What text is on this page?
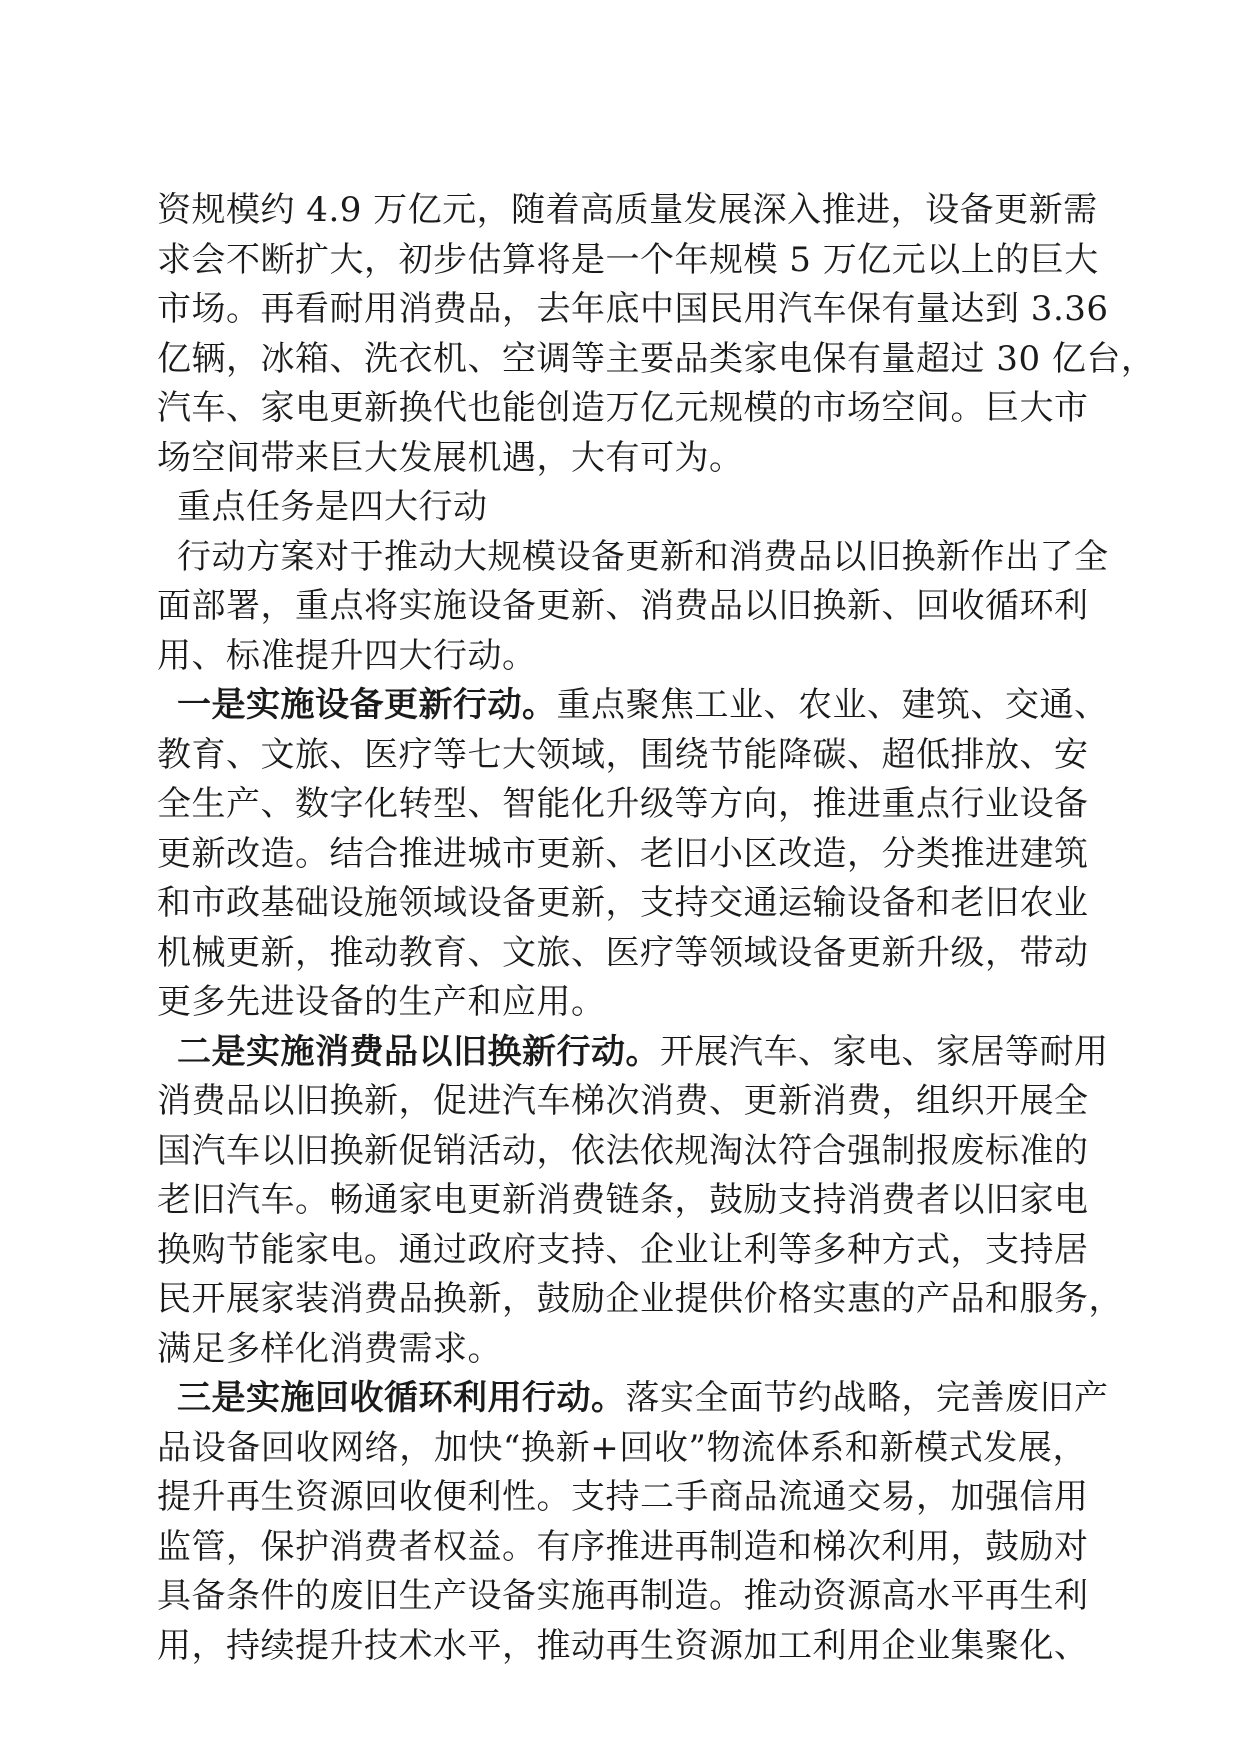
资规模约 4.9 万亿元，随着高质量发展深入推进，设备更新需
求会不断扩大，初步估算将是一个年规模 5 万亿元以上的巨大
市场。再看耐用消费品，去年底中国民用汽车保有量达到 3.36
亿辆，冰箱、洗衣机、空调等主要品类家电保有量超过 30 亿台，
汽车、家电更新换代也能创造万亿元规模的市场空间。巨大市
场空间带来巨大发展机遇，大有可为。
重点任务是四大行动
行动方案对于推动大规模设备更新和消费品以旧换新作出了全
面部署，重点将实施设备更新、消费品以旧换新、回收循环利
用、标准提升四大行动。
一是实施设备更新行动。重点聚焦工业、农业、建筑、交通、
教育、文旅、医疗等七大领域，围绕节能降碳、超低排放、安
全生产、数字化转型、智能化升级等方向，推进重点行业设备
更新改造。结合推进城市更新、老旧小区改造，分类推进建筑
和市政基础设施领域设备更新，支持交通运输设备和老旧农业
机械更新，推动教育、文旅、医疗等领域设备更新升级，带动
更多先进设备的生产和应用。
二是实施消费品以旧换新行动。开展汽车、家电、家居等耐用
消费品以旧换新，促进汽车梯次消费、更新消费，组织开展全
国汽车以旧换新促销活动，依法依规淘汰符合强制报废标准的
老旧汽车。畅通家电更新消费链条，鼓励支持消费者以旧家电
换购节能家电。通过政府支持、企业让利等多种方式，支持居
民开展家装消费品换新，鼓励企业提供价格实惠的产品和服务，
满足多样化消费需求。
三是实施回收循环利用行动。落实全面节约战略，完善废旧产
品设备回收网络，加快“换新+回收”物流体系和新模式发展，
提升再生资源回收便利性。支持二手商品流通交易，加强信用
监管，保护消费者权益。有序推进再制造和梯次利用，鼓励对
具备条件的废旧生产设备实施再制造。推动资源高水平再生利
用，持续提升技术水平，推动再生资源加工利用企业集聚化、
